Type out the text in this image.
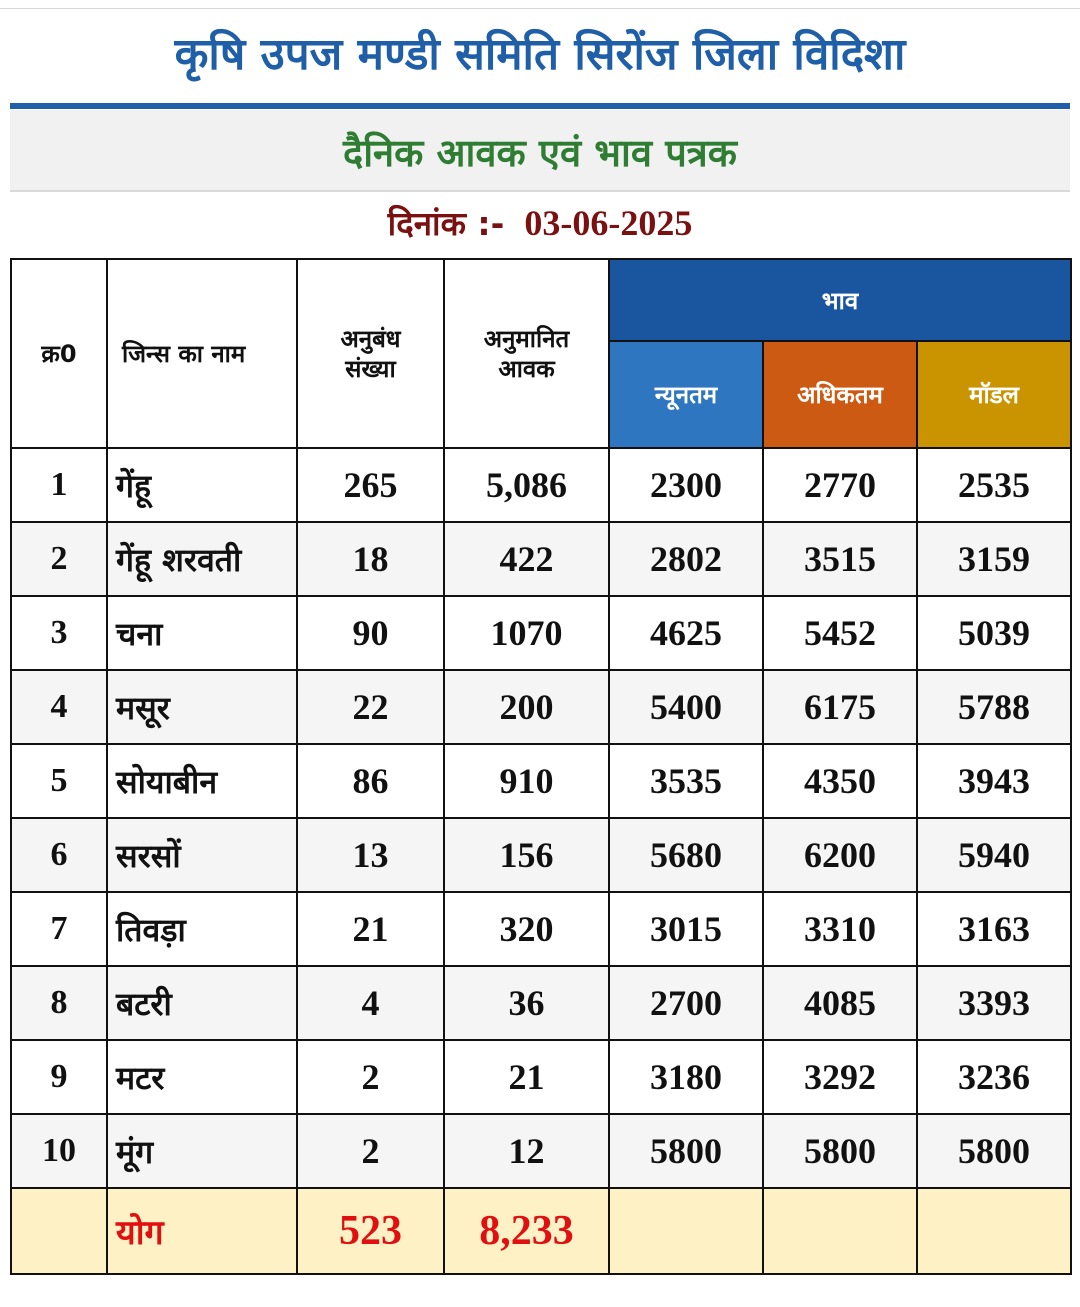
कृषि उपज मण्डी समिति सिरोंज जिला विदिशा
दैनिक आवक एवं भाव पत्रक
दिनांक :- 03-06-2025
क्र0	जिन्स का नाम	अनुबंध संख्या	अनुमानित आवक	भाव		
				न्यूनतम	अधिकतम	मॉडल
1	गेंहू	265	5,086	2300	2770	2535
2	गेंहू शरवती	18	422	2802	3515	3159
3	चना	90	1070	4625	5452	5039
4	मसूर	22	200	5400	6175	5788
5	सोयाबीन	86	910	3535	4350	3943
6	सरसों	13	156	5680	6200	5940
7	तिवड़ा	21	320	3015	3310	3163
8	बटरी	4	36	2700	4085	3393
9	मटर	2	21	3180	3292	3236
10	मूंग	2	12	5800	5800	5800
	योग	523	8,233			
